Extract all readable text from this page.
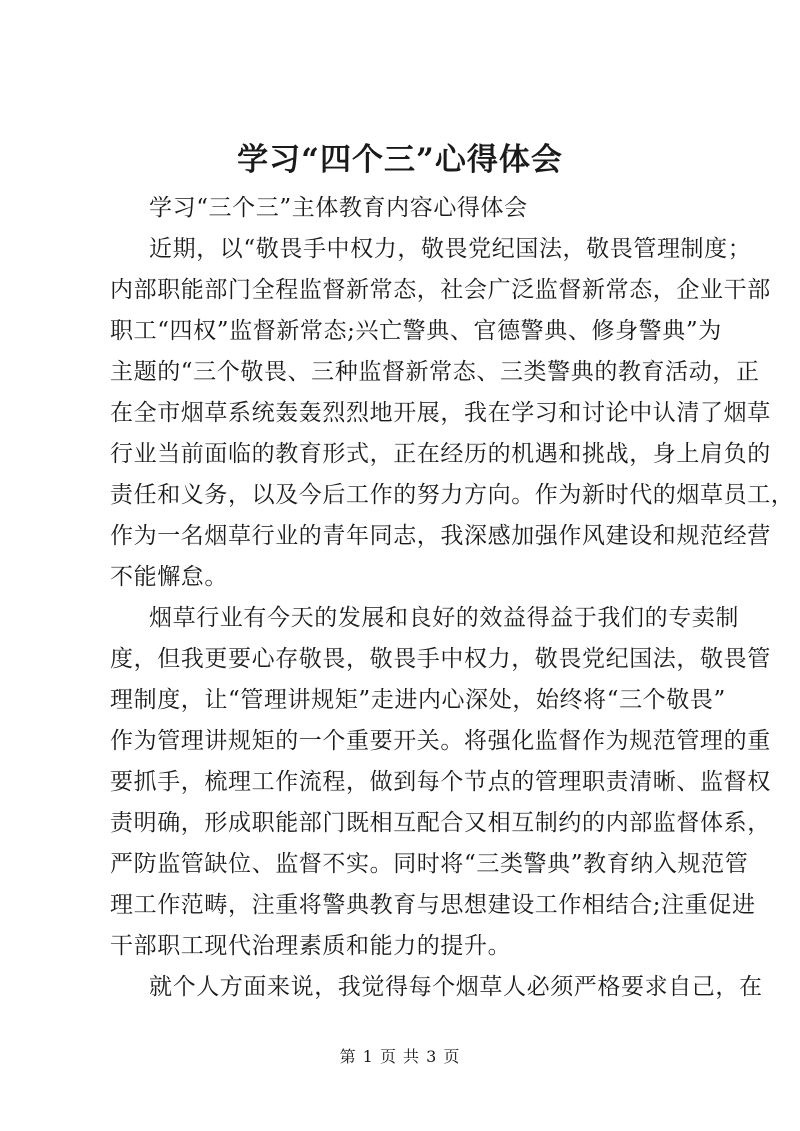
学习“四个三”心得体会
学习“三个三”主体教育内容心得体会
近期，以“敬畏手中权力，敬畏党纪国法，敬畏管理制度；
内部职能部门全程监督新常态，社会广泛监督新常态，企业干部
职工“四权”监督新常态;兴亡警典、官德警典、修身警典”为
主题的“三个敬畏、三种监督新常态、三类警典的教育活动，正
在全市烟草系统轰轰烈烈地开展，我在学习和讨论中认清了烟草
行业当前面临的教育形式，正在经历的机遇和挑战，身上肩负的
责任和义务，以及今后工作的努力方向。作为新时代的烟草员工，
作为一名烟草行业的青年同志，我深感加强作风建设和规范经营
不能懈怠。
烟草行业有今天的发展和良好的效益得益于我们的专卖制
度，但我更要心存敬畏，敬畏手中权力，敬畏党纪国法，敬畏管
理制度，让“管理讲规矩”走进内心深处，始终将“三个敬畏”
作为管理讲规矩的一个重要开关。将强化监督作为规范管理的重
要抓手，梳理工作流程，做到每个节点的管理职责清晰、监督权
责明确，形成职能部门既相互配合又相互制约的内部监督体系，
严防监管缺位、监督不实。同时将“三类警典”教育纳入规范管
理工作范畴，注重将警典教育与思想建设工作相结合;注重促进
干部职工现代治理素质和能力的提升。
就个人方面来说，我觉得每个烟草人必须严格要求自己，在
第 1 页 共 3 页
